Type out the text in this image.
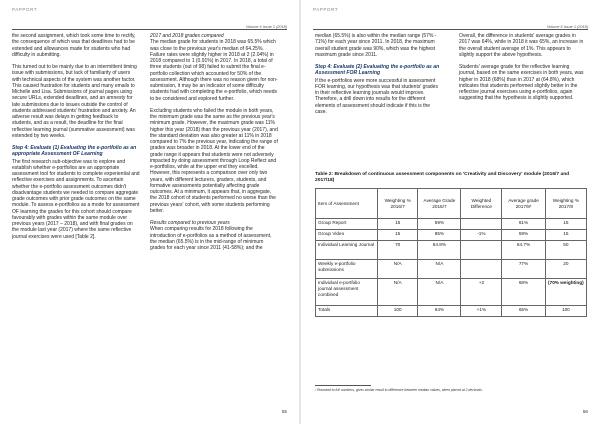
PAPPORT
Volume 6 Issue 1 (2018)

the second assignment, which took some time to rectify, the consequence of which was that deadlines had to be extended and allowances made for students who had difficulty in submitting.

This turned out to be mainly due to an intermittent timing issue with submissions, but lack of familiarity of users with technical aspects of the system was another factor. This caused frustration for students and many emails to Michelle and Lisa. Submissions of journal pages using secure URLs, extended deadlines, and an amnesty for late submissions due to issues outside the control of students addressed students' frustration and anxiety. An adverse result was delays in getting feedback to students, and as a result, the deadline for the final reflective learning journal (summative assessment) was extended by two weeks.

Step 4: Evaluate (1) Evaluating the e-portfolio as an appropriate Assessment OF Learning

The first research sub-objective was to explore and establish whether e-portfolios are an appropriate assessment tool for students to complete experiential and reflective exercises and assignments. To ascertain whether the e-portfolio assessment outcomes didn't disadvantage students we needed to compare aggregate grade outcomes with prior grade outcomes on the same module. To assess e-portfolios as a mode for assessment OF learning the grades for this cohort should compare favourably with grades within the same module over previous years (2017 – 2018), and with final grades on the module last year (2017) where the same reflective journal exercises were used [Table 2].

2017 and 2018 grades compared

The median grade for students in 2018 was 65.5% which was close to the previous year's median of 64.25%. Failure rates were slightly higher in 2018 at 2 (2.04%) in 2018 compared to 1 (0.91%) in 2017. In 2018, a total of three students (out of 98) failed to submit the final e-portfolio collection which accounted for 50% of the assessment. Although there was no reason given for non-submission, it may be an indicator of some difficulty students had with completing the e-portfolio, which needs to be considered and explored further.

Excluding students who failed the module in both years, the minimum grade was the same as the previous year's minimum grade. However, the maximum grade was 11% higher this year (2018) than the previous year (2017), and the standard deviation was also greater at 11% in 2018 compared to 7% the previous year, indicating the range of grades was broader in 2018. At the lower end of the grade range it appears that students were not adversely impacted by doing assessment through Loop Reflect and e-portfolios, while at the upper end they excelled. However, this represents a comparison over only two years, with different lecturers, graders, students, and formative assessments potentially affecting grade outcomes. At a minimum, it appears that, in aggregate, the 2018 cohort of students performed no worse than the previous years' cohort, with some students performing better.

Results compared to previous years

When comparing results for 2018 following the introduction of e-portfolios as a method of assessment, the median (65.5%) is in the mid-range of minimum grades for each year since 2011 (41-58%); and the

55
PAPPORT
Volume 6 Issue 1 (2018)

median (65.5%) is also within the median range (57% - 71%) for each year since 2011. In 2018, the maximum overall student grade was 90%, which was the highest maximum grade since 2011.

Step 4: Evaluate (2) Evaluating the e-portfolio as an Assessment FOR Learning

If the e-portfolios were more successful in assessment FOR learning, our hypothesis was that students' grades in their reflective learning journals would improve. Therefore, a drill down into results for the different elements of assessment should indicate if this is the case.

Overall, the difference in students' average grades in 2017 was 64%, while in 2018 it was 65%, an increase in the overall student average of 1%. This appears to slightly support the above hypothesis.

Students' average grade for the reflective learning journal, based on the same exercises in both years, was higher in 2018 (68%) than in 2017 at (64.8%), which indicates that students performed slightly better in the reflective journal exercises using e-portfolios, again suggesting that the hypothesis is slightly supported.

Table 2: Breakdown of continuous assessment components on 'Creativity and Discovery' module (2016/7 and 2017/18)
Item of Assessment	Weighting % 2016/7	Average Grade 2016/7	Weighted Difference	Average grade 2017/8¹	Weighting % 2017/8
Group Report	15	59%		61%	15
Group Video	15	85%	-1%	59%	15
Individual Learning Journal	70	64.8%		64.7%	50
Weekly e-portfolio submissions	N/A	N/A		77%	20
Individual e-portfolio journal assessment combined	N/A	N/A	+2	68%	(70% weighting)
Totals	100	64%	+1%	65%	100
¹ Rounded to full numbers, gives similar result to difference between median values, when placed at 2 decimals.
56
